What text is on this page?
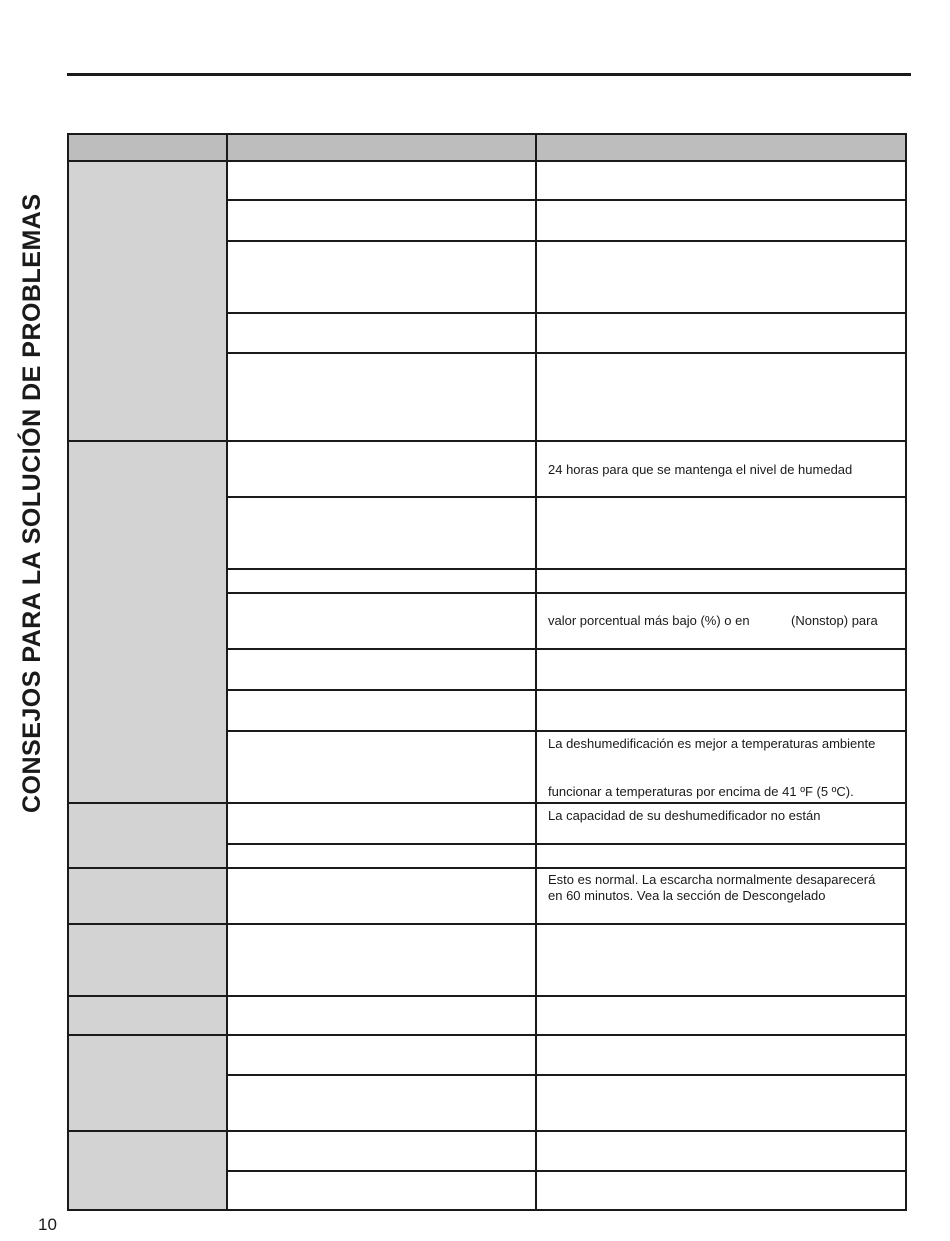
CONSEJOS PARA LA SOLUCIÓN DE PROBLEMAS	24 horas para que se mantenga el nivel de humedad
valor porcentual más bajo (%) o en	(Nonstop) para
La deshumedificación es mejor a temperaturas ambiente
funcionar a temperaturas por encima de 41 ºF (5 ºC).
La capacidad de su deshumedificador no están
Esto es normal. La escarcha normalmente desaparecerá
en 60 minutos. Vea la sección de Descongelado
10
